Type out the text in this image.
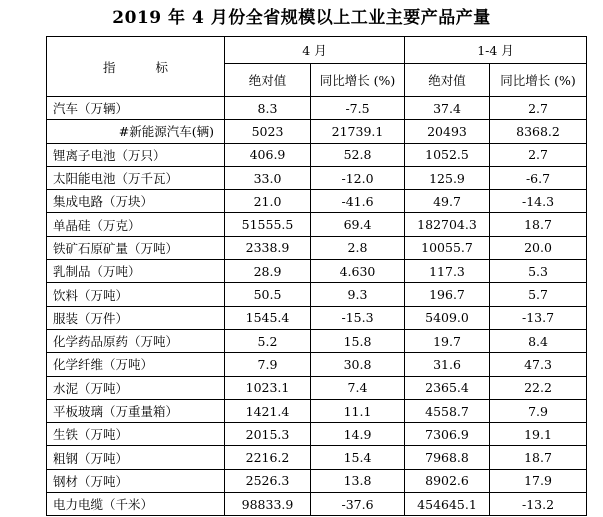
2019 年 4 月份全省规模以上工业主要产品产量
指 标	4 月		1-4 月	
	绝对值	同比增长 (%)	绝对值	同比增长 (%)
汽车（万辆）	8.3	-7.5	37.4	2.7
#新能源汽车(辆)	5023	21739.1	20493	8368.2
锂离子电池（万只）	406.9	52.8	1052.5	2.7
太阳能电池（万千瓦）	33.0	-12.0	125.9	-6.7
集成电路（万块）	21.0	-41.6	49.7	-14.3
单晶硅（万克）	51555.5	69.4	182704.3	18.7
铁矿石原矿量（万吨）	2338.9	2.8	10055.7	20.0
乳制品（万吨）	28.9	4.630	117.3	5.3
饮料（万吨）	50.5	9.3	196.7	5.7
服装（万件）	1545.4	-15.3	5409.0	-13.7
化学药品原药（万吨）	5.2	15.8	19.7	8.4
化学纤维（万吨）	7.9	30.8	31.6	47.3
水泥（万吨）	1023.1	7.4	2365.4	22.2
平板玻璃（万重量箱）	1421.4	11.1	4558.7	7.9
生铁（万吨）	2015.3	14.9	7306.9	19.1
粗钢（万吨）	2216.2	15.4	7968.8	18.7
钢材（万吨）	2526.3	13.8	8902.6	17.9
电力电缆（千米）	98833.9	-37.6	454645.1	-13.2
